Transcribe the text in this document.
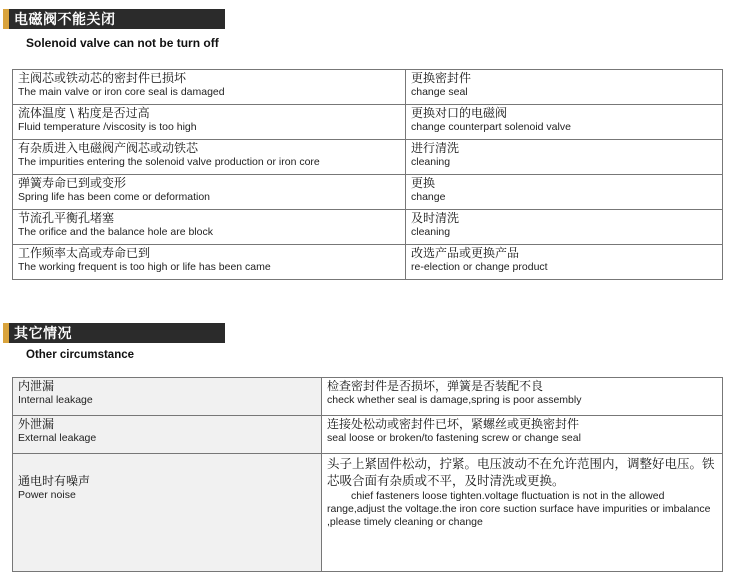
电磁阀不能关闭
Solenoid valve can not be turn off
主阀芯或铁动芯的密封件已损坏
The main valve or iron core seal is damaged	更换密封件
change seal

流体温度 \ 粘度是否过高
Fluid temperature /viscosity is too high	更换对口的电磁阀
change counterpart solenoid valve

有杂质进入电磁阀产阀芯或动铁芯
The impurities entering the solenoid valve production or iron core	进行清洗
cleaning

弹簧寿命已到或变形
Spring life has been come or deformation	更换
change

节流孔平衡孔堵塞
The orifice and the balance hole are block	及时清洗
cleaning

工作频率太高或寿命已到
The working frequent is too high or life has been came	改选产品或更换产品
re-election or change product
其它情况
Other circumstance
内泄漏
Internal leakage	检查密封件是否损坏，弹簧是否装配不良
check whether seal is damage,spring is poor assembly

外泄漏
External leakage	连接处松动或密封件已坏，紧螺丝或更换密封件
seal loose or broken/to fastening screw or change seal

通电时有噪声
Power noise	头子上紧固件松动，拧紧。电压波动不在允许范围内，调整好电压。铁芯吸合面有杂质或不平，及时清洗或更换。
chief fasteners loose tighten.voltage fluctuation is not in the allowed range,adjust the voltage.the iron core suction surface have impurities or imbalance ,please timely cleaning or change
